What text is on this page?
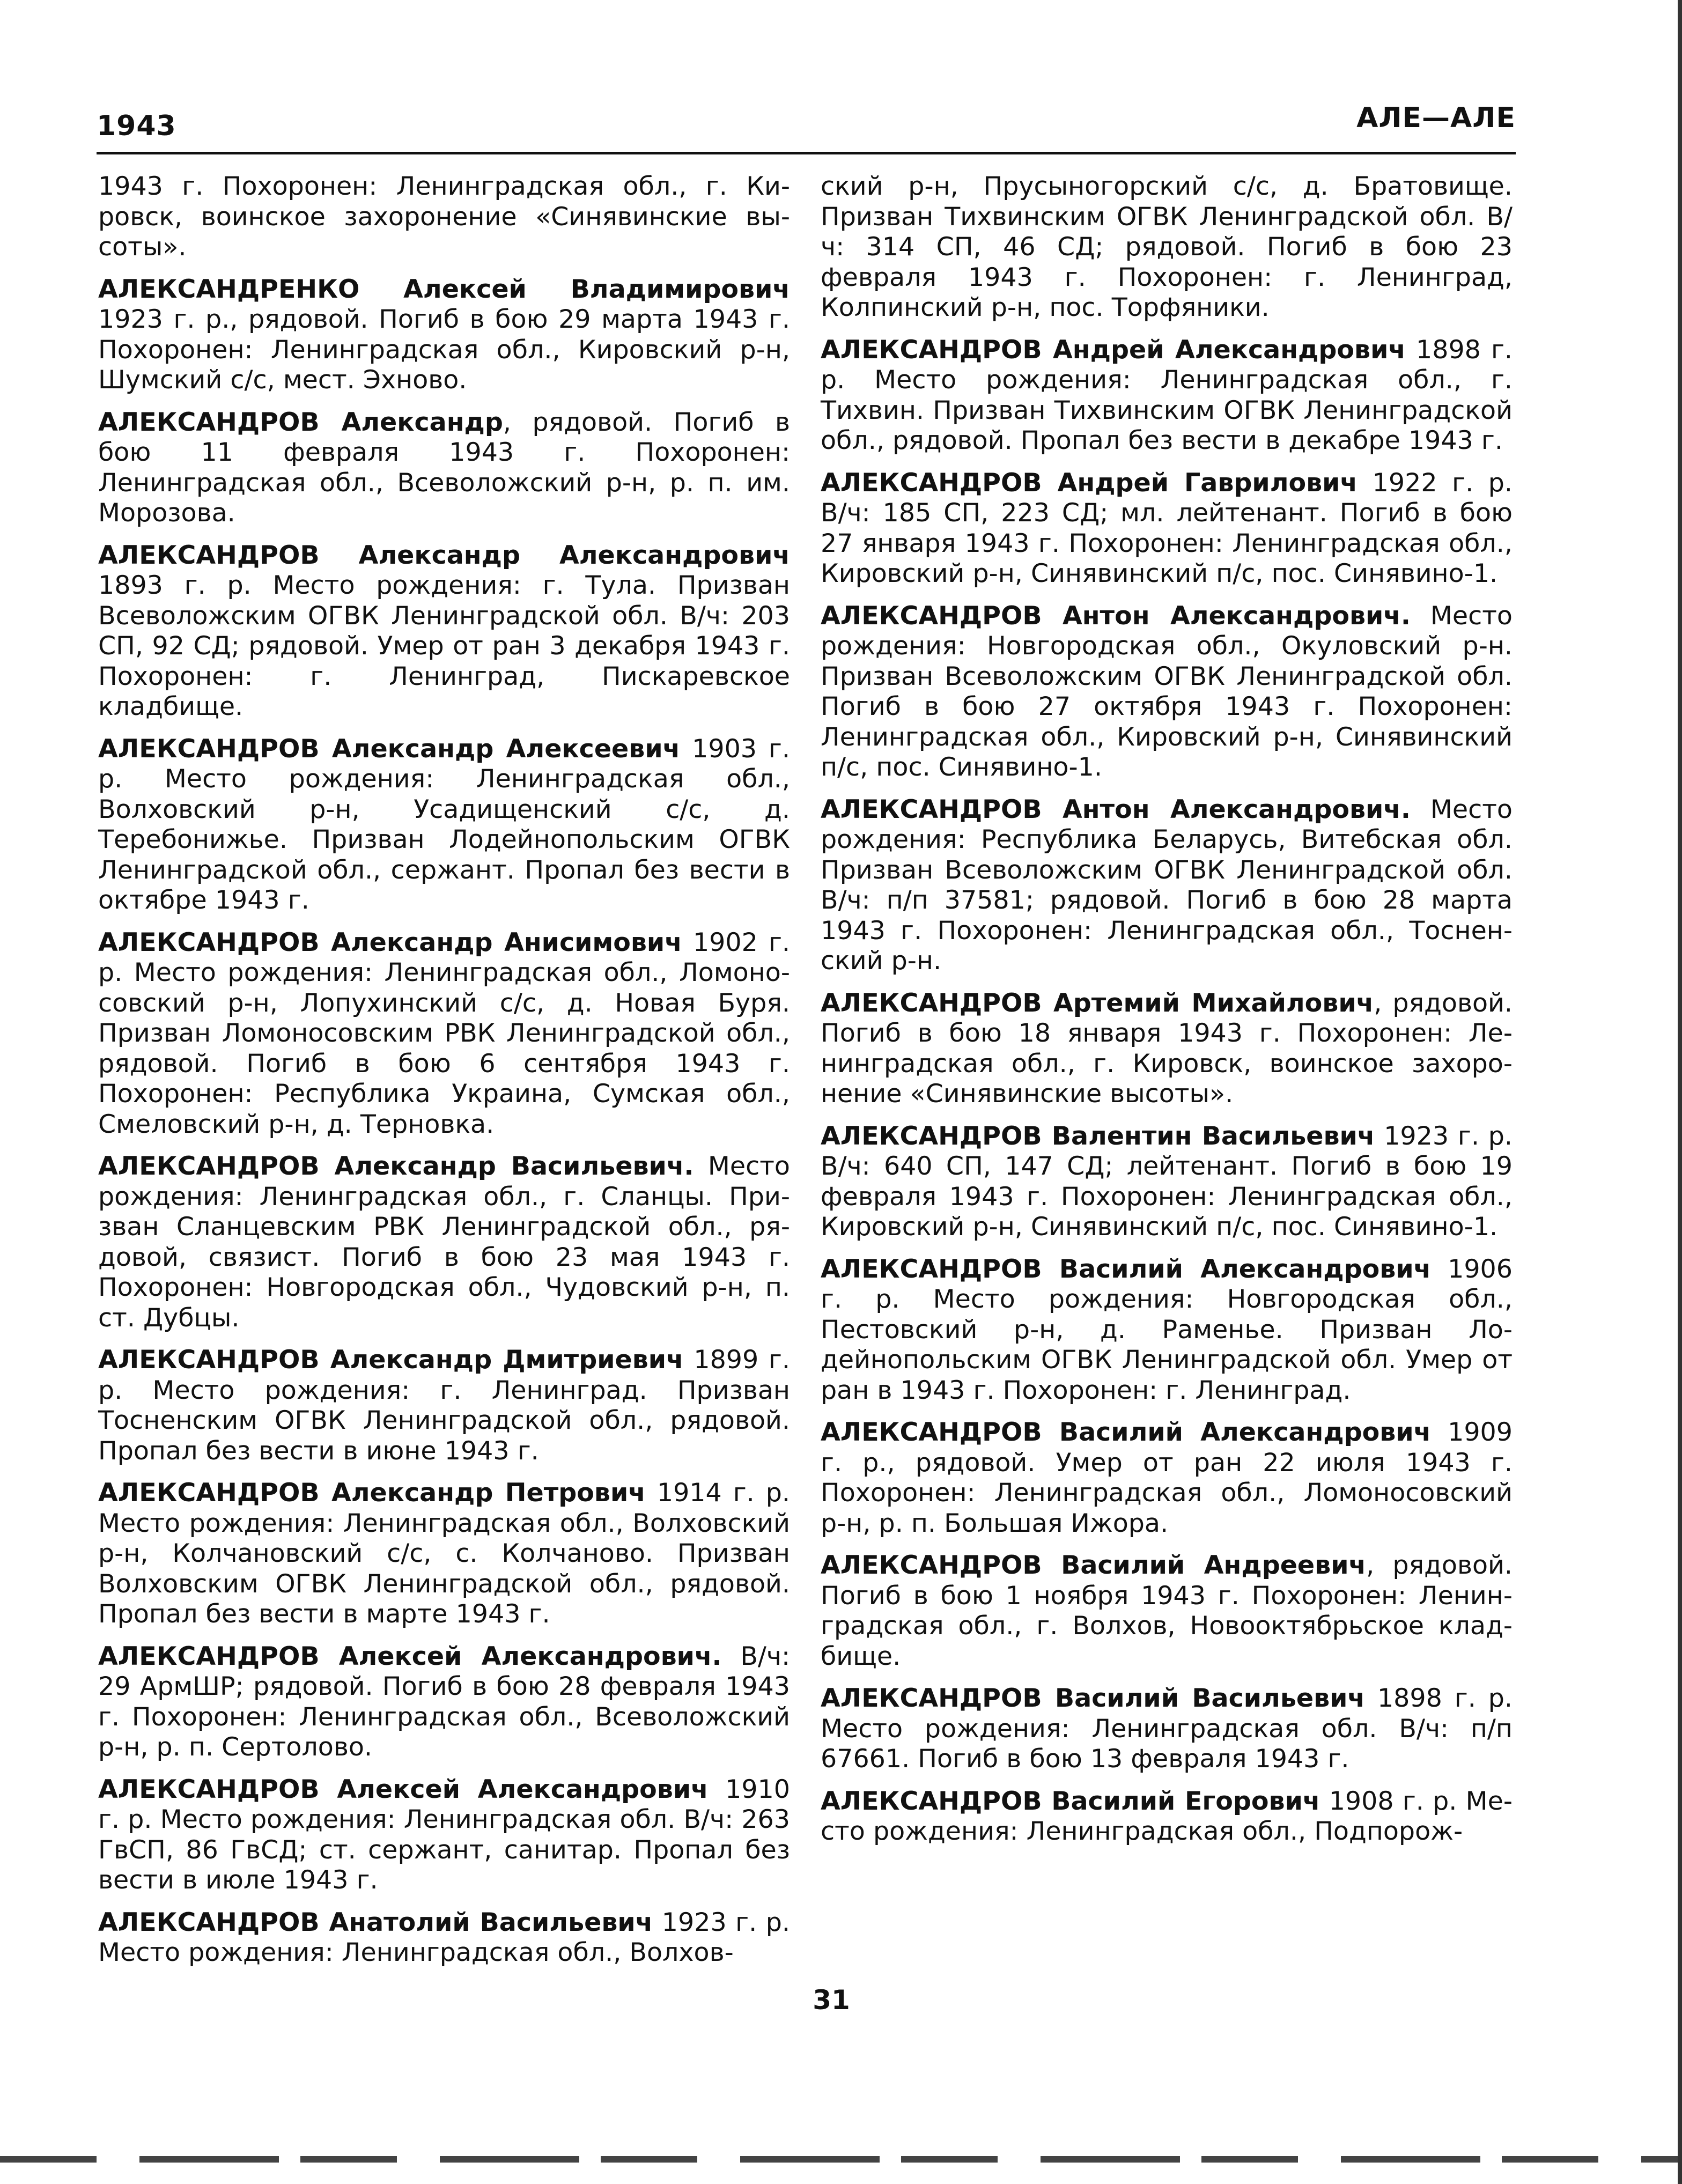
1943	АЛЕ—АЛЕ

1943 г. Похоронен: Ленинградская обл., г. Кировск, воинское захоронение «Синявинские высоты».

АЛЕКСАНДРЕНКО Алексей Владимирович 1923 г. р., рядовой. Погиб в бою 29 марта 1943 г. Похоронен: Ленинградская обл., Кировский р-н, Шумский с/с, мест. Эхново.

АЛЕКСАНДРОВ Александр, рядовой. Погиб в бою 11 февраля 1943 г. Похоронен: Ленинградская обл., Всеволожский р-н, р. п. им. Морозова.

АЛЕКСАНДРОВ Александр Александрович 1893 г. р. Место рождения: г. Тула. Призван Всеволожским ОГВК Ленинградской обл. В/ч: 203 СП, 92 СД; рядовой. Умер от ран 3 декабря 1943 г. Похоронен: г. Ленинград, Пискаревское кладбище.

АЛЕКСАНДРОВ Александр Алексеевич 1903 г. р. Место рождения: Ленинградская обл., Волховский р-н, Усадищенский с/с, д. Теребонижье. Призван Лодейнопольским ОГВК Ленинградской обл., сержант. Пропал без вести в октябре 1943 г.

АЛЕКСАНДРОВ Александр Анисимович 1902 г. р. Место рождения: Ленинградская обл., Ломоносовский р-н, Лопухинский с/с, д. Новая Буря. Призван Ломоносовским РВК Ленинградской обл., рядовой. Погиб в бою 6 сентября 1943 г. Похоронен: Республика Украина, Сумская обл., Смеловский р-н, д. Терновка.

АЛЕКСАНДРОВ Александр Васильевич. Место рождения: Ленинградская обл., г. Сланцы. Призван Сланцевским РВК Ленинградской обл., рядовой, связист. Погиб в бою 23 мая 1943 г. Похоронен: Новгородская обл., Чудовский р-н, п. ст. Дубцы.

АЛЕКСАНДРОВ Александр Дмитриевич 1899 г. р. Место рождения: г. Ленинград. Призван Тосненским ОГВК Ленинградской обл., рядовой. Пропал без вести в июне 1943 г.

АЛЕКСАНДРОВ Александр Петрович 1914 г. р. Место рождения: Ленинградская обл., Волховский р-н, Колчановский с/с, с. Колчаново. Призван Волховским ОГВК Ленинградской обл., рядовой. Пропал без вести в марте 1943 г.

АЛЕКСАНДРОВ Алексей Александрович. В/ч: 29 АрмШР; рядовой. Погиб в бою 28 февраля 1943 г. Похоронен: Ленинградская обл., Всеволожский р-н, р. п. Сертолово.

АЛЕКСАНДРОВ Алексей Александрович 1910 г. р. Место рождения: Ленинградская обл. В/ч: 263 ГвСП, 86 ГвСД; ст. сержант, санитар. Пропал без вести в июле 1943 г.

АЛЕКСАНДРОВ Анатолий Васильевич 1923 г. р. Место рождения: Ленинградская обл., Волхов-

ский р-н, Прусыногорский с/с, д. Братовище. Призван Тихвинским ОГВК Ленинградской обл. В/ч: 314 СП, 46 СД; рядовой. Погиб в бою 23 февраля 1943 г. Похоронен: г. Ленинград, Колпинский р-н, пос. Торфяники.

АЛЕКСАНДРОВ Андрей Александрович 1898 г. р. Место рождения: Ленинградская обл., г. Тихвин. Призван Тихвинским ОГВК Ленинградской обл., рядовой. Пропал без вести в декабре 1943 г.

АЛЕКСАНДРОВ Андрей Гаврилович 1922 г. р. В/ч: 185 СП, 223 СД; мл. лейтенант. Погиб в бою 27 января 1943 г. Похоронен: Ленинградская обл., Кировский р-н, Синявинский п/с, пос. Синявино-1.

АЛЕКСАНДРОВ Антон Александрович. Место рождения: Новгородская обл., Окуловский р-н. Призван Всеволожским ОГВК Ленинградской обл. Погиб в бою 27 октября 1943 г. Похоронен: Ленинградская обл., Кировский р-н, Синявинский п/с, пос. Синявино-1.

АЛЕКСАНДРОВ Антон Александрович. Место рождения: Республика Беларусь, Витебская обл. Призван Всеволожским ОГВК Ленинградской обл. В/ч: п/п 37581; рядовой. Погиб в бою 28 марта 1943 г. Похоронен: Ленинградская обл., Тосненский р-н.

АЛЕКСАНДРОВ Артемий Михайлович, рядовой. Погиб в бою 18 января 1943 г. Похоронен: Ленинградская обл., г. Кировск, воинское захоронение «Синявинские высоты».

АЛЕКСАНДРОВ Валентин Васильевич 1923 г. р. В/ч: 640 СП, 147 СД; лейтенант. Погиб в бою 19 февраля 1943 г. Похоронен: Ленинградская обл., Кировский р-н, Синявинский п/с, пос. Синявино-1.

АЛЕКСАНДРОВ Василий Александрович 1906 г. р. Место рождения: Новгородская обл., Пестовский р-н, д. Раменье. Призван Лодейнопольским ОГВК Ленинградской обл. Умер от ран в 1943 г. Похоронен: г. Ленинград.

АЛЕКСАНДРОВ Василий Александрович 1909 г. р., рядовой. Умер от ран 22 июля 1943 г. Похоронен: Ленинградская обл., Ломоносовский р-н, р. п. Большая Ижора.

АЛЕКСАНДРОВ Василий Андреевич, рядовой. Погиб в бою 1 ноября 1943 г. Похоронен: Ленинградская обл., г. Волхов, Новооктябрьское кладбище.

АЛЕКСАНДРОВ Василий Васильевич 1898 г. р. Место рождения: Ленинградская обл. В/ч: п/п 67661. Погиб в бою 13 февраля 1943 г.

АЛЕКСАНДРОВ Василий Егорович 1908 г. р. Место рождения: Ленинградская обл., Подпорож-

31
